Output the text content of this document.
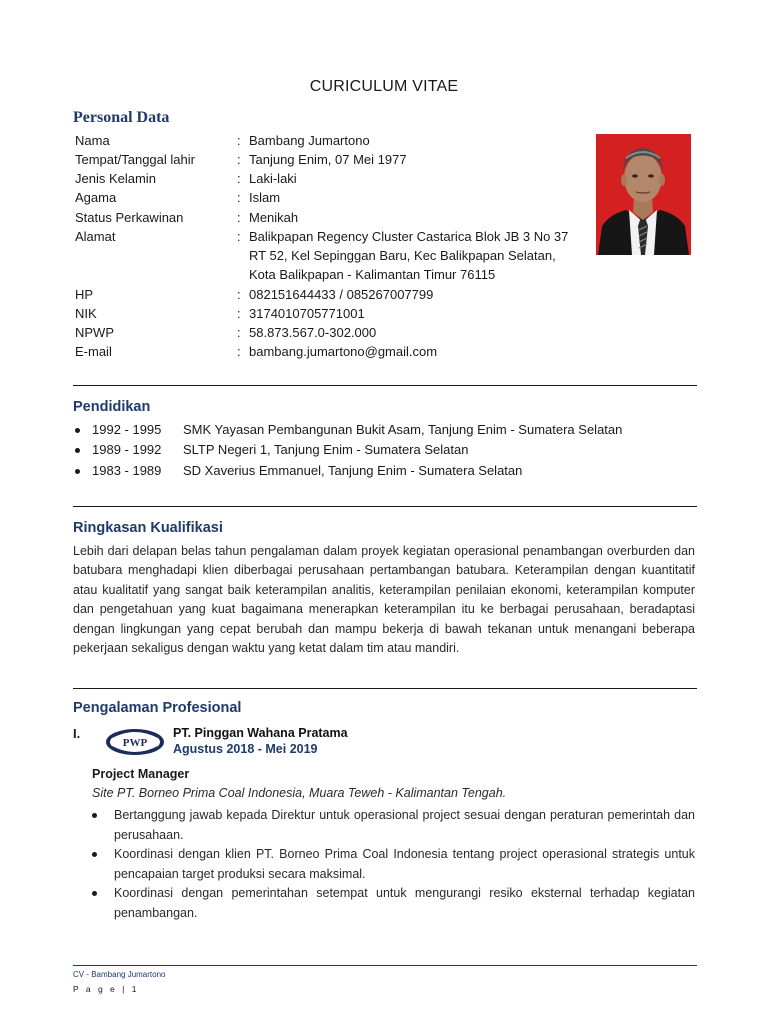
CURICULUM VITAE
Personal Data
Nama	: Bambang Jumartono
Tempat/Tanggal lahir	: Tanjung Enim, 07 Mei 1977
Jenis Kelamin	: Laki-laki
Agama	: Islam
Status Perkawinan	: Menikah
Alamat	: Balikpapan Regency Cluster Castarica Blok JB 3 No 37
RT 52, Kel Sepinggan Baru, Kec Balikpapan Selatan,
Kota Balikpapan - Kalimantan Timur 76115
HP	: 082151644433 / 085267007799
NIK	: 3174010705771001
NPWP	: 58.873.567.0-302.000
E-mail	: bambang.jumartono@gmail.com
Pendidikan
1992 - 1995 SMK Yayasan Pembangunan Bukit Asam, Tanjung Enim - Sumatera Selatan
1989 - 1992 SLTP Negeri 1, Tanjung Enim - Sumatera Selatan
1983 - 1989 SD Xaverius Emmanuel, Tanjung Enim - Sumatera Selatan
Ringkasan Kualifikasi
Lebih dari delapan belas tahun pengalaman dalam proyek kegiatan operasional penambangan overburden dan batubara menghadapi klien diberbagai perusahaan pertambangan batubara. Keterampilan dengan kuantitatif atau kualitatif yang sangat baik keterampilan analitis, keterampilan penilaian ekonomi, keterampilan komputer dan pengetahuan yang kuat bagaimana menerapkan keterampilan itu ke berbagai perusahaan, beradaptasi dengan lingkungan yang cepat berubah dan mampu bekerja di bawah tekanan untuk menangani beberapa pekerjaan sekaligus dengan waktu yang ketat dalam tim atau mandiri.
Pengalaman Profesional
I.
PWP
PT. Pinggan Wahana Pratama
Agustus 2018 - Mei 2019
Project Manager
Site PT. Borneo Prima Coal Indonesia, Muara Teweh - Kalimantan Tengah.
Bertanggung jawab kepada Direktur untuk operasional project sesuai dengan peraturan pemerintah dan perusahaan.
Koordinasi dengan klien PT. Borneo Prima Coal Indonesia tentang project operasional strategis untuk pencapaian target produksi secara maksimal.
Koordinasi dengan pemerintahan setempat untuk mengurangi resiko eksternal terhadap kegiatan penambangan.
CV - Bambang Jumartono
P a g e | 1
